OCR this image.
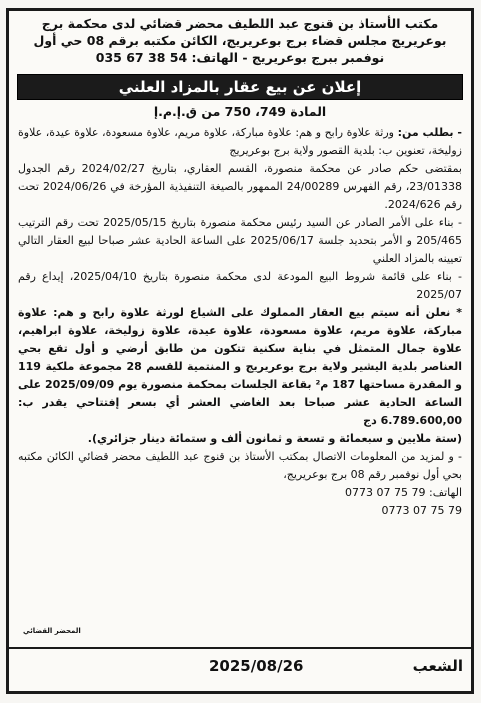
مكتب الأستاذ بن قنوج عبد اللطيف محضر قضائي لدى محكمة برج
بوعريريج مجلس قضاء برج بوعريريج، الكائن مكتبه برقم 08 حي أول
نوفمبر ببرج بوعريريج - الهاتف: 54 38 67 035
إعلان عن بيع عقار بالمزاد العلني
المادة 749، 750 من ق.إ.م.إ
- بطلب من: ورثة علاوة رابح و هم: علاوة مباركة، علاوة مريم، علاوة مسعودة، علاوة عيدة، علاوة زوليخة، تعنوين ب: بلدية القصور ولاية برج بوعريريج
بمقتضى حكم صادر عن محكمة منصورة، القسم العقاري، بتاريخ 2024/02/27 رقم الجدول 23/01338، رقم الفهرس 24/00289 الممهور بالصيغة التنفيذية المؤرخة في 2024/06/26 تحت رقم 2024/626.
- بناء على الأمر الصادر عن السيد رئيس محكمة منصورة بتاريخ 2025/05/15 تحت رقم الترتيب 205/465 و الأمر بتحديد جلسة 2025/06/17 على الساعة الحادية عشر صباحا لبيع العقار التالي تعيينه بالمزاد العلني
- بناء على قائمة شروط البيع المودعة لدى محكمة منصورة بتاريخ 2025/04/10، إيداع رقم 2025/07
* نعلن أنه سيتم بيع العقار المملوك على الشياع لورثة علاوة رابح و هم: علاوة مباركة، علاوة مريم، علاوة مسعودة، علاوة عيدة، علاوة زوليخة، علاوة ابراهيم، علاوة جمال المتمثل في بناية سكنية تتكون من طابق أرضي و أول تقع بحي العناصر بلدية اليشير ولاية برج بوعريريج و المنتمية للقسم 28 مجموعة ملكية 119 و المقدرة مساحتها 187 م² بقاعة الجلسات بمحكمة منصورة يوم 2025/09/09 على الساعة الحادية عشر صباحا بعد الغاضي العشر أي بسعر إفتتاحي يقدر ب: 6.789.600,00 دج
(ستة ملايين و سبعمائة و تسعة و ثمانون ألف و ستمائة دينار جزائري).
- و لمزيد من المعلومات الاتصال بمكتب الأستاذ بن قنوج عبد اللطيف محضر قضائي الكائن مكتبه بحي أول نوفمبر رقم 08 برج بوعريريج،
الهاتف: 79 75 07 0773
0773 07 75 79
المحضر القضائي
الشعب
2025/08/26
